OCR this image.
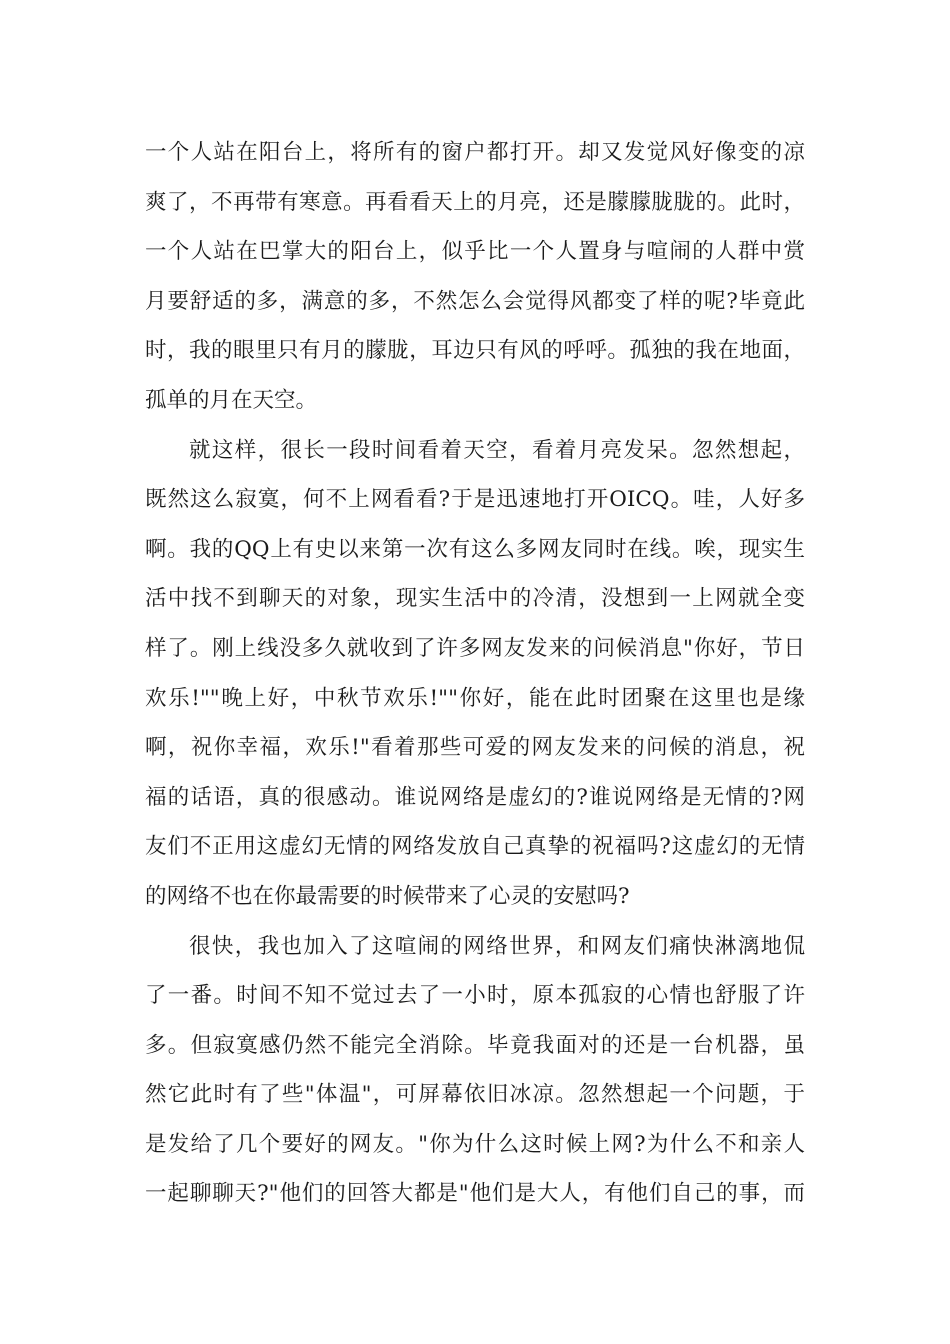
一个人站在阳台上，将所有的窗户都打开。却又发觉风好像变的凉
爽了，不再带有寒意。再看看天上的月亮，还是朦朦胧胧的。此时，
一个人站在巴掌大的阳台上，似乎比一个人置身与喧闹的人群中赏
月要舒适的多，满意的多，不然怎么会觉得风都变了样的呢?毕竟此
时，我的眼里只有月的朦胧，耳边只有风的呼呼。孤独的我在地面，
孤单的月在天空。
就这样，很长一段时间看着天空，看着月亮发呆。忽然想起，
既然这么寂寞，何不上网看看?于是迅速地打开OICQ。哇，人好多
啊。我的QQ上有史以来第一次有这么多网友同时在线。唉，现实生
活中找不到聊天的对象，现实生活中的冷清，没想到一上网就全变
样了。刚上线没多久就收到了许多网友发来的问候消息"你好，节日
欢乐!""晚上好，中秋节欢乐!""你好，能在此时团聚在这里也是缘
啊，祝你幸福，欢乐!"看着那些可爱的网友发来的问候的消息，祝
福的话语，真的很感动。谁说网络是虚幻的?谁说网络是无情的?网
友们不正用这虚幻无情的网络发放自己真挚的祝福吗?这虚幻的无情
的网络不也在你最需要的时候带来了心灵的安慰吗?
很快，我也加入了这喧闹的网络世界，和网友们痛快淋漓地侃
了一番。时间不知不觉过去了一小时，原本孤寂的心情也舒服了许
多。但寂寞感仍然不能完全消除。毕竟我面对的还是一台机器，虽
然它此时有了些"体温"，可屏幕依旧冰凉。忽然想起一个问题，于
是发给了几个要好的网友。"你为什么这时候上网?为什么不和亲人
一起聊聊天?"他们的回答大都是"他们是大人，有他们自己的事，而
